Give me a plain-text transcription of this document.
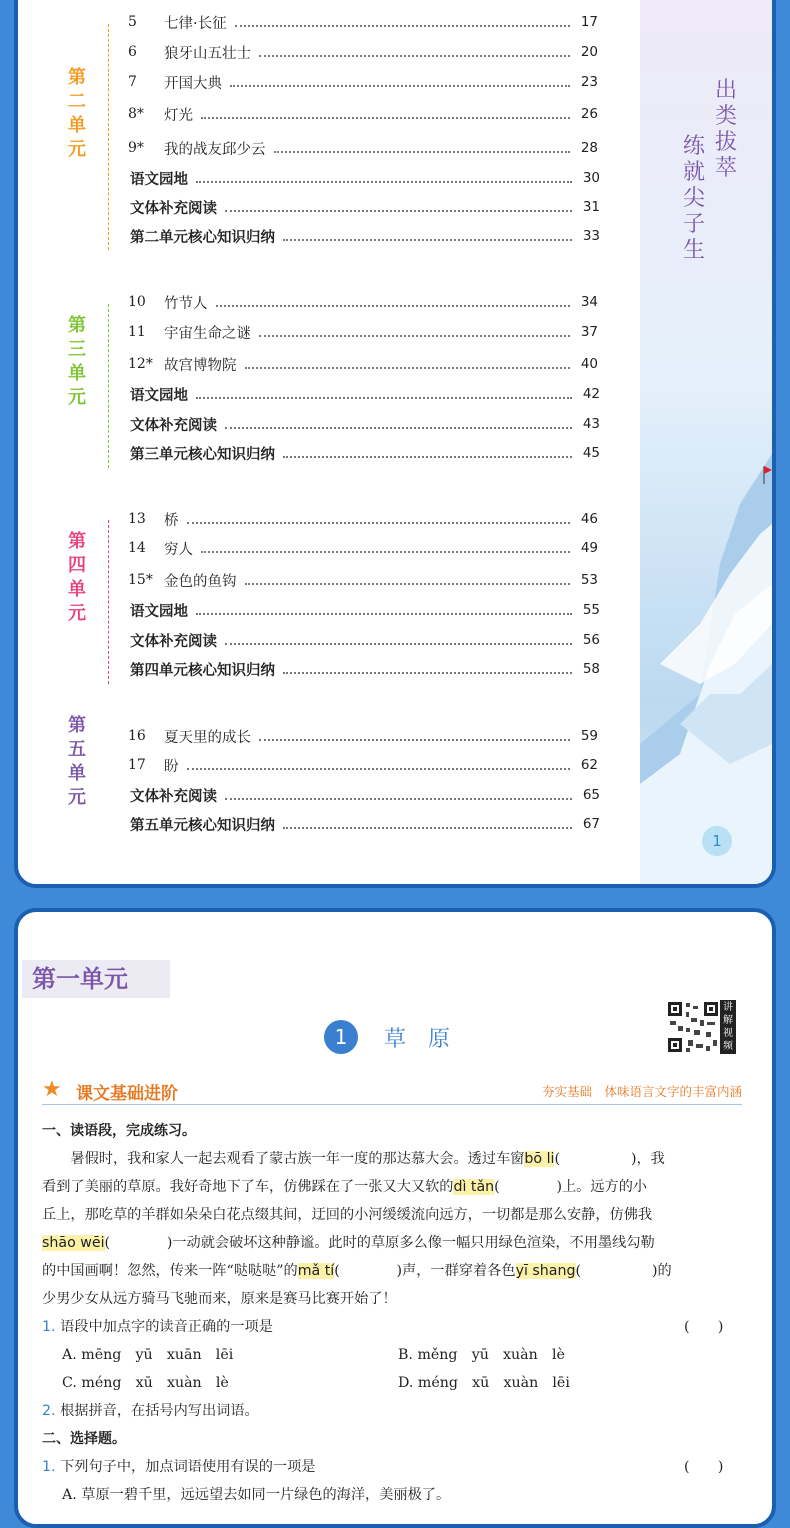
出类拔萃
练就尖子生
第二单元
5	七律·长征	17
6	狼牙山五壮士	20
7	开国大典	23
8*	灯光	26
9*	我的战友邱少云	28
语文园地	30
文体补充阅读	31
第二单元核心知识归纳	33
第三单元
10	竹节人	34
11	宇宙生命之谜	37
12* 故宫博物院	40
语文园地	42
文体补充阅读	43
第三单元核心知识归纳	45
第四单元
13	桥	46
14	穷人	49
15* 金色的鱼钩	53
语文园地	55
文体补充阅读	56
第四单元核心知识归纳	58
第五单元
16	夏天里的成长	59
17	盼	62
文体补充阅读	65
第五单元核心知识归纳	67
1
第一单元
1	草原
讲解视频
★ 课文基础进阶	夯实基础　体味语言文字的丰富内涵
一、读语段，完成练习。
　　暑假时，我和家人一起去观看了蒙古族一年一度的那达慕大会。透过车窗bō li(　　　　　)，我
看到了美丽的草原。我好奇地下了车，仿佛踩在了一张又大又软的dì tǎn(　　　　)上。远方的小
丘上，那吃草的羊群如朵朵白花点缀其间，迂回的小河缓缓流向远方，一切都是那么安静，仿佛我
shāo wēi(　　　　)一动就会破坏这种静谧。此时的草原多么像一幅只用绿色渲染，不用墨线勾勒
的中国画啊！忽然，传来一阵“哒哒哒”的mǎ tí(　　　　)声，一群穿着各色yī shang(　　　　　)的
少男少女从远方骑马飞驰而来，原来是赛马比赛开始了！
1. 语段中加点字的读音正确的一项是	(　　)
A. mēng　yū　xuān　lēi	B. měng　yū　xuàn　lè
C. méng　xū　xuàn　lè	D. méng　xū　xuàn　lēi
2. 根据拼音，在括号内写出词语。
二、选择题。
1. 下列句子中，加点词语使用有误的一项是	(　　)
A. 草原一碧千里，远远望去如同一片绿色的海洋，美丽极了。
